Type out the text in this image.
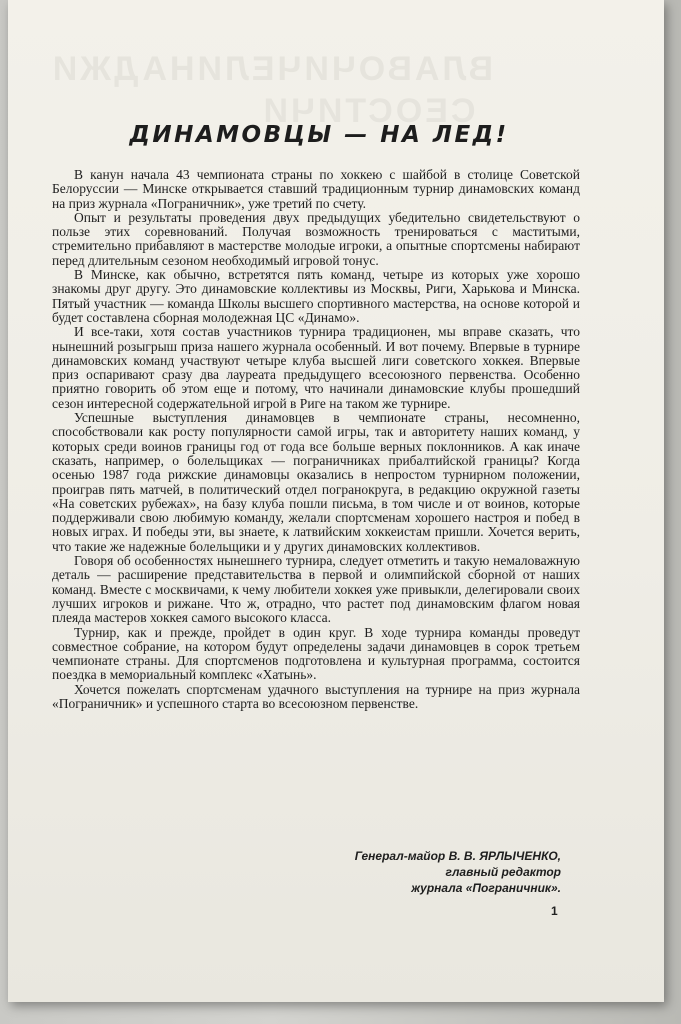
ВЛАВОЧИЧЕЛИНАДЖИ
СЕОСТИЧИ
ДИНАМОВЦЫ — НА ЛЕД!

В канун начала 43 чемпионата страны по хоккею с шайбой в столице Советской Белоруссии — Минске открывается ставший традиционным турнир динамовских команд на приз журнала «Пограничник», уже третий по счету.

Опыт и результаты проведения двух предыдущих убедительно свидетельствуют о пользе этих соревнований. Получая возможность тренироваться с маститыми, стремительно прибавляют в мастерстве молодые игроки, а опытные спортсмены набирают перед длительным сезоном необходимый игровой тонус.

В Минске, как обычно, встретятся пять команд, четыре из которых уже хорошо знакомы друг другу. Это динамовские коллективы из Москвы, Риги, Харькова и Минска. Пятый участник — команда Школы высшего спортивного мастерства, на основе которой и будет составлена сборная молодежная ЦС «Динамо».

И все-таки, хотя состав участников турнира традиционен, мы вправе сказать, что нынешний розыгрыш приза нашего журнала особенный. И вот почему. Впервые в турнире динамовских команд участвуют четыре клуба высшей лиги советского хоккея. Впервые приз оспаривают сразу два лауреата предыдущего всесоюзного первенства. Особенно приятно говорить об этом еще и потому, что начинали динамовские клубы прошедший сезон интересной содержательной игрой в Риге на таком же турнире.

Успешные выступления динамовцев в чемпионате страны, несомненно, способствовали как росту популярности самой игры, так и авторитету наших команд, у которых среди воинов границы год от года все больше верных поклонников. А как иначе сказать, например, о болельщиках — пограничниках прибалтийской границы? Когда осенью 1987 года рижские динамовцы оказались в непростом турнирном положении, проиграв пять матчей, в политический отдел погранокруга, в редакцию окружной газеты «На советских рубежах», на базу клуба пошли письма, в том числе и от воинов, которые поддерживали свою любимую команду, желали спортсменам хорошего настроя и побед в новых играх. И победы эти, вы знаете, к латвийским хоккеистам пришли. Хочется верить, что такие же надежные болельщики и у других динамовских коллективов.

Говоря об особенностях нынешнего турнира, следует отметить и такую немаловажную деталь — расширение представительства в первой и олимпийской сборной от наших команд. Вместе с москвичами, к чему любители хоккея уже привыкли, делегировали своих лучших игроков и рижане. Что ж, отрадно, что растет под динамовским флагом новая плеяда мастеров хоккея самого высокого класса.

Турнир, как и прежде, пройдет в один круг. В ходе турнира команды проведут совместное собрание, на котором будут определены задачи динамовцев в сорок третьем чемпионате страны. Для спортсменов подготовлена и культурная программа, состоится поездка в мемориальный комплекс «Хатынь».

Хочется пожелать спортсменам удачного выступления на турнире на приз журнала «Пограничник» и успешного старта во всесоюзном первенстве.

Генерал-майор В. В. ЯРЛЫЧЕНКО,
главный редактор
журнала «Пограничник».
1
